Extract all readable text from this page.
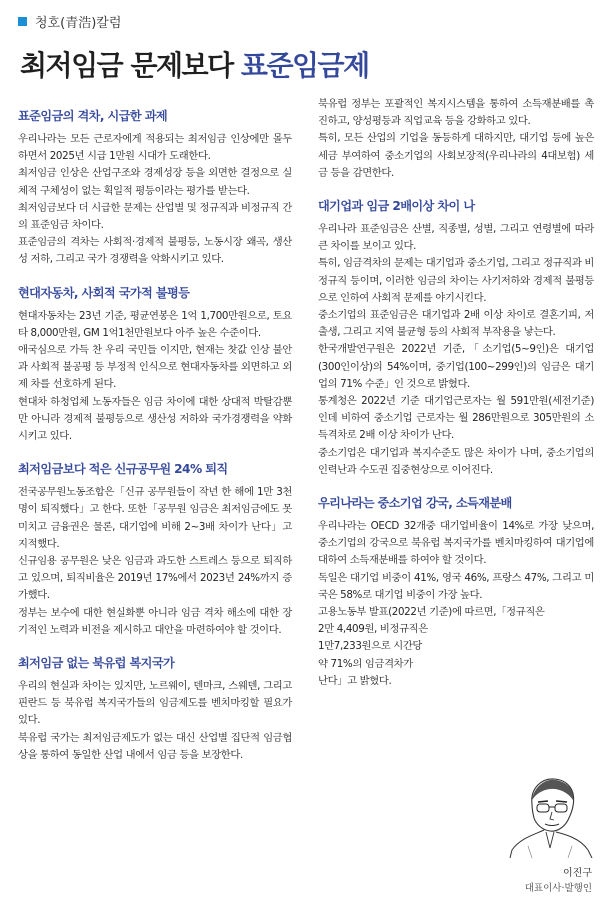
청호(青浩)칼럼
최저임금 문제보다 표준임금제
표준임금의 격차, 시급한 과제

우리나라는 모든 근로자에게 적용되는 최저임금 인상에만 몰두하면서 2025년 시급 1만원 시대가 도래한다.

최저임금 인상은 산업구조와 경제성장 등을 외면한 결정으로 실체적 구체성이 없는 획일적 평등이라는 평가를 받는다.

최저임금보다 더 시급한 문제는 산업별 및 정규직과 비정규직 간의 표준임금 차이다.

표준임금의 격차는 사회적·경제적 불평등, 노동시장 왜곡, 생산성 저하, 그리고 국가 경쟁력을 악화시키고 있다.

현대자동차, 사회적 국가적 불평등

현대자동차는 23년 기준, 평균연봉은 1억 1,700만원으로, 토요타 8,000만원, GM 1억1천만원보다 아주 높은 수준이다.

애국심으로 가득 찬 우리 국민들 이지만, 현재는 찻값 인상 불안과 사회적 불공평 등 부정적 인식으로 현대자동차를 외면하고 외제 차를 선호하게 된다.

현대차 하청업체 노동자들은 임금 차이에 대한 상대적 박탈감뿐만 아니라 경제적 불평등으로 생산성 저하와 국가경쟁력을 약화시키고 있다.

최저임금보다 적은 신규공무원 24% 퇴직

전국공무원노동조합은「신규 공무원들이 작년 한 해에 1만 3천명이 퇴직했다」고 한다. 또한「공무원 임금은 최저임금에도 못 미치고 금융권은 물론, 대기업에 비해 2~3배 차이가 난다」고 지적했다.

신규임용 공무원은 낮은 임금과 과도한 스트레스 등으로 퇴직하고 있으며, 퇴직비율은 2019년 17%에서 2023년 24%까지 증가했다.

정부는 보수에 대한 현실화뿐 아니라 임금 격차 해소에 대한 장기적인 노력과 비전을 제시하고 대안을 마련하여야 할 것이다.

최저임금 없는 북유럽 복지국가

우리의 현실과 차이는 있지만, 노르웨이, 덴마크, 스웨덴, 그리고 핀란드 등 북유럽 복지국가들의 임금제도를 벤치마킹할 필요가 있다.

북유럽 국가는 최저임금제도가 없는 대신 산업별 집단적 임금협상을 통하여 동일한 산업 내에서 임금 등을 보장한다.

북유럽 정부는 포괄적인 복지시스템을 통하여 소득재분배를 촉진하고, 양성평등과 직업교육 등을 강화하고 있다.

특히, 모든 산업의 기업을 동등하게 대하지만, 대기업 등에 높은 세금 부여하여 중소기업의 사회보장적(우리나라의 4대보험) 세금 등을 감면한다.

대기업과 임금 2배이상 차이 나

우리나라 표준임금은 산별, 직종별, 성별, 그리고 연령별에 따라 큰 차이를 보이고 있다.

특히, 임금격차의 문제는 대기업과 중소기업, 그리고 정규직과 비정규직 등이며, 이러한 임금의 차이는 사기저하와 경제적 불평등으로 인하여 사회적 문제를 야기시킨다.

중소기업의 표준임금은 대기업과 2배 이상 차이로 결혼기피, 저출생, 그리고 지역 불균형 등의 사회적 부작용을 낳는다.

한국개발연구원은 2022년 기준,「소기업(5~9인)은 대기업(300인이상)의 54%이며, 중기업(100~299인)의 임금은 대기업의 71% 수준」인 것으로 밝혔다.

통계청은 2022년 기준 대기업근로자는 월 591만원(세전기준)인데 비하여 중소기업 근로자는 월 286만원으로 305만원의 소득격차로 2배 이상 차이가 난다.

중소기업은 대기업과 복지수준도 많은 차이가 나며, 중소기업의 인력난과 수도권 집중현상으로 이어진다.

우리나라는 중소기업 강국, 소득재분배

우리나라는 OECD 32개중 대기업비율이 14%로 가장 낮으며, 중소기업의 강국으로 북유럽 복지국가를 벤치마킹하여 대기업에 대하여 소득재분배를 하여야 할 것이다.

독일은 대기업 비중이 41%, 영국 46%, 프랑스 47%, 그리고 미국은 58%로 대기업 비중이 가장 높다.

고용노동부 발표(2022년 기준)에 따르면,「정규직은

2만 4,409원, 비정규직은

1만7,233원으로 시간당

약 71%의 임금격차가

난다」고 밝혔다.

이진구
대표이사·발행인
